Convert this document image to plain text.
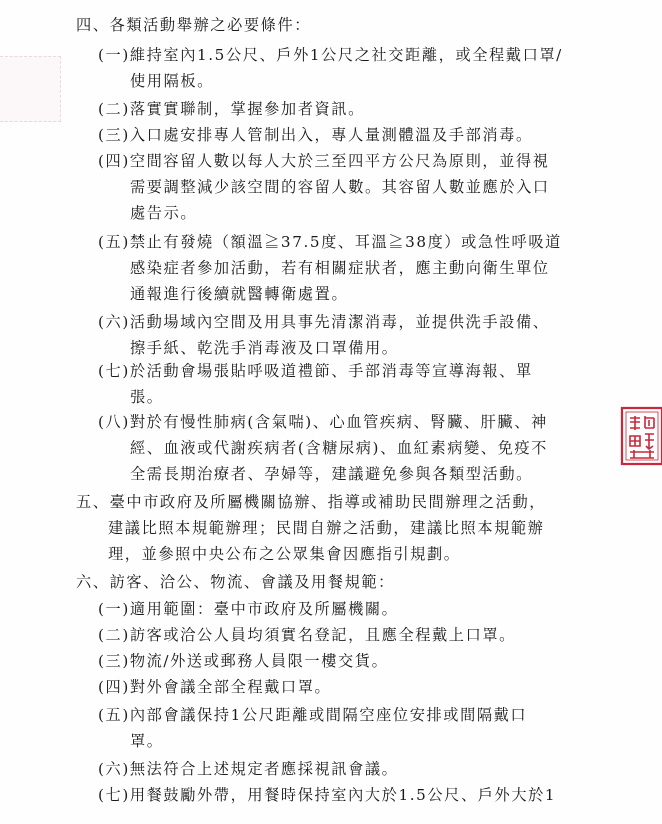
四、各類活動舉辦之必要條件：
(一)維持室內1.5公尺、戶外1公尺之社交距離，或全程戴口罩/
使用隔板。
(二)落實實聯制，掌握參加者資訊。
(三)入口處安排專人管制出入，專人量測體溫及手部消毒。
(四)空間容留人數以每人大於三至四平方公尺為原則，並得視
需要調整減少該空間的容留人數。其容留人數並應於入口
處告示。
(五)禁止有發燒（額溫≧37.5度、耳溫≧38度）或急性呼吸道
感染症者參加活動，若有相關症狀者，應主動向衛生單位
通報進行後續就醫轉衛處置。
(六)活動場域內空間及用具事先清潔消毒，並提供洗手設備、
擦手紙、乾洗手消毒液及口罩備用。
(七)於活動會場張貼呼吸道禮節、手部消毒等宣導海報、單
張。
(八)對於有慢性肺病(含氣喘)、心血管疾病、腎臟、肝臟、神
經、血液或代謝疾病者(含糖尿病)、血紅素病變、免疫不
全需長期治療者、孕婦等，建議避免參與各類型活動。
五、臺中市政府及所屬機關協辦、指導或補助民間辦理之活動，
建議比照本規範辦理；民間自辦之活動，建議比照本規範辦
理，並參照中央公布之公眾集會因應指引規劃。
六、訪客、洽公、物流、會議及用餐規範：
(一)適用範圍：臺中市政府及所屬機關。
(二)訪客或洽公人員均須實名登記，且應全程戴上口罩。
(三)物流/外送或郵務人員限一樓交貨。
(四)對外會議全部全程戴口罩。
(五)內部會議保持1公尺距離或間隔空座位安排或間隔戴口
罩。
(六)無法符合上述規定者應採視訊會議。
(七)用餐鼓勵外帶，用餐時保持室內大於1.5公尺、戶外大於1
